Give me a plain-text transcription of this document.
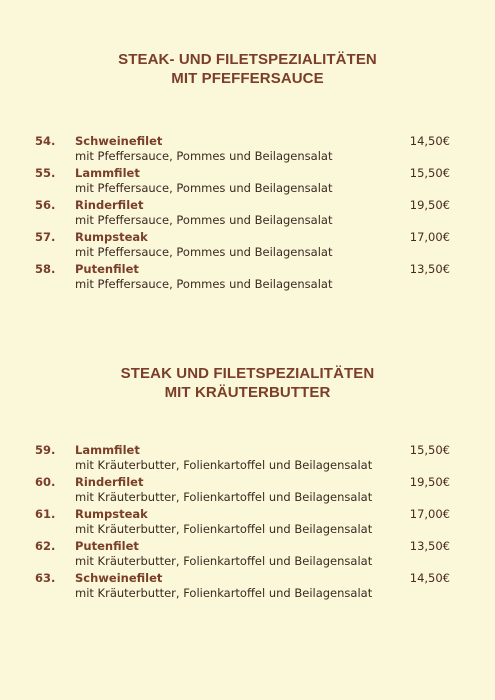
STEAK- UND FILETSPEZIALITÄTEN
MIT PFEFFERSAUCE
54. Schweinefilet
mit Pfeffersauce, Pommes und Beilagensalat
14,50€
55. Lammfilet
mit Pfeffersauce, Pommes und Beilagensalat
15,50€
56. Rinderfilet
mit Pfeffersauce, Pommes und Beilagensalat
19,50€
57. Rumpsteak
mit Pfeffersauce, Pommes und Beilagensalat
17,00€
58. Putenfilet
mit Pfeffersauce, Pommes und Beilagensalat
13,50€
STEAK UND FILETSPEZIALITÄTEN
MIT KRÄUTERBUTTER
59. Lammfilet
mit Kräuterbutter, Folienkartoffel und Beilagensalat
15,50€
60. Rinderfilet
mit Kräuterbutter, Folienkartoffel und Beilagensalat
19,50€
61. Rumpsteak
mit Kräuterbutter, Folienkartoffel und Beilagensalat
17,00€
62. Putenfilet
mit Kräuterbutter, Folienkartoffel und Beilagensalat
13,50€
63. Schweinefilet
mit Kräuterbutter, Folienkartoffel und Beilagensalat
14,50€
